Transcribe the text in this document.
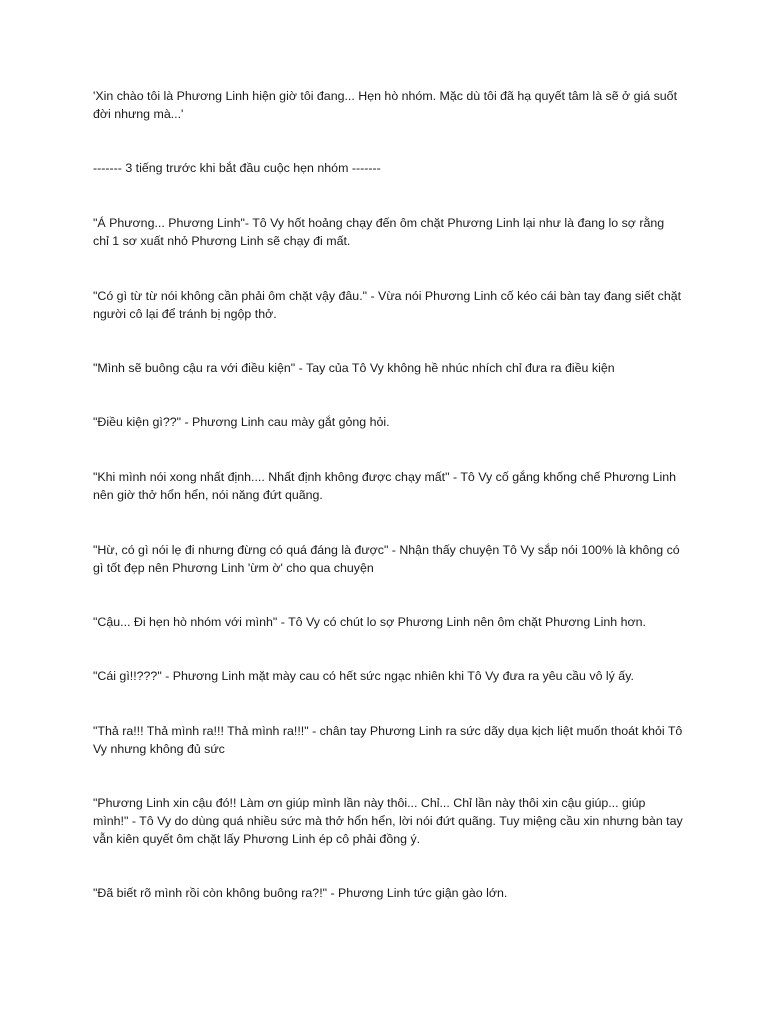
'Xin chào tôi là Phương Linh hiện giờ tôi đang... Hẹn hò nhóm. Mặc dù tôi đã hạ quyết tâm là sẽ ở giá suốt đời nhưng mà...'

------- 3 tiếng trước khi bắt đầu cuộc hẹn nhóm -------

"Á Phương... Phương Linh"- Tô Vy hốt hoảng chạy đến ôm chặt Phương Linh lại như là đang lo sợ rằng chỉ 1 sơ xuất nhỏ Phương Linh sẽ chạy đi mất.

"Có gì từ từ nói không cần phải ôm chặt vậy đâu." - Vừa nói Phương Linh cố kéo cái bàn tay đang siết chặt người cô lại để tránh bị ngộp thở.

"Mình sẽ buông cậu ra với điều kiện" - Tay của Tô Vy không hề nhúc nhích chỉ đưa ra điều kiện

"Điều kiện gì??" - Phương Linh cau mày gắt gỏng hỏi.

"Khi mình nói xong nhất định.... Nhất định không được chạy mất" - Tô Vy cố gắng khống chế Phương Linh nên giờ thở hổn hển, nói năng đứt quãng.

"Hừ, có gì nói lẹ đi nhưng đừng có quá đáng là được" - Nhận thấy chuyện Tô Vy sắp nói 100% là không có gì tốt đẹp nên Phương Linh 'ừm ờ' cho qua chuyện

"Cậu... Đi hẹn hò nhóm với mình" - Tô Vy có chút lo sợ Phương Linh nên ôm chặt Phương Linh hơn.

"Cái gì!!???" - Phương Linh mặt mày cau có hết sức ngạc nhiên khi Tô Vy đưa ra yêu cầu vô lý ấy.

"Thả ra!!! Thả mình ra!!! Thả mình ra!!!" - chân tay Phương Linh ra sức dãy dụa kịch liệt muốn thoát khỏi Tô Vy nhưng không đủ sức

"Phương Linh xin cậu đó!! Làm ơn giúp mình lần này thôi... Chỉ... Chỉ lần này thôi xin cậu giúp... giúp mình!" - Tô Vy do dùng quá nhiều sức mà thở hổn hển, lời nói đứt quãng. Tuy miệng cầu xin nhưng bàn tay vẫn kiên quyết ôm chặt lấy Phương Linh ép cô phải đồng ý.

"Đã biết rõ mình rồi còn không buông ra?!" - Phương Linh tức giận gào lớn.
